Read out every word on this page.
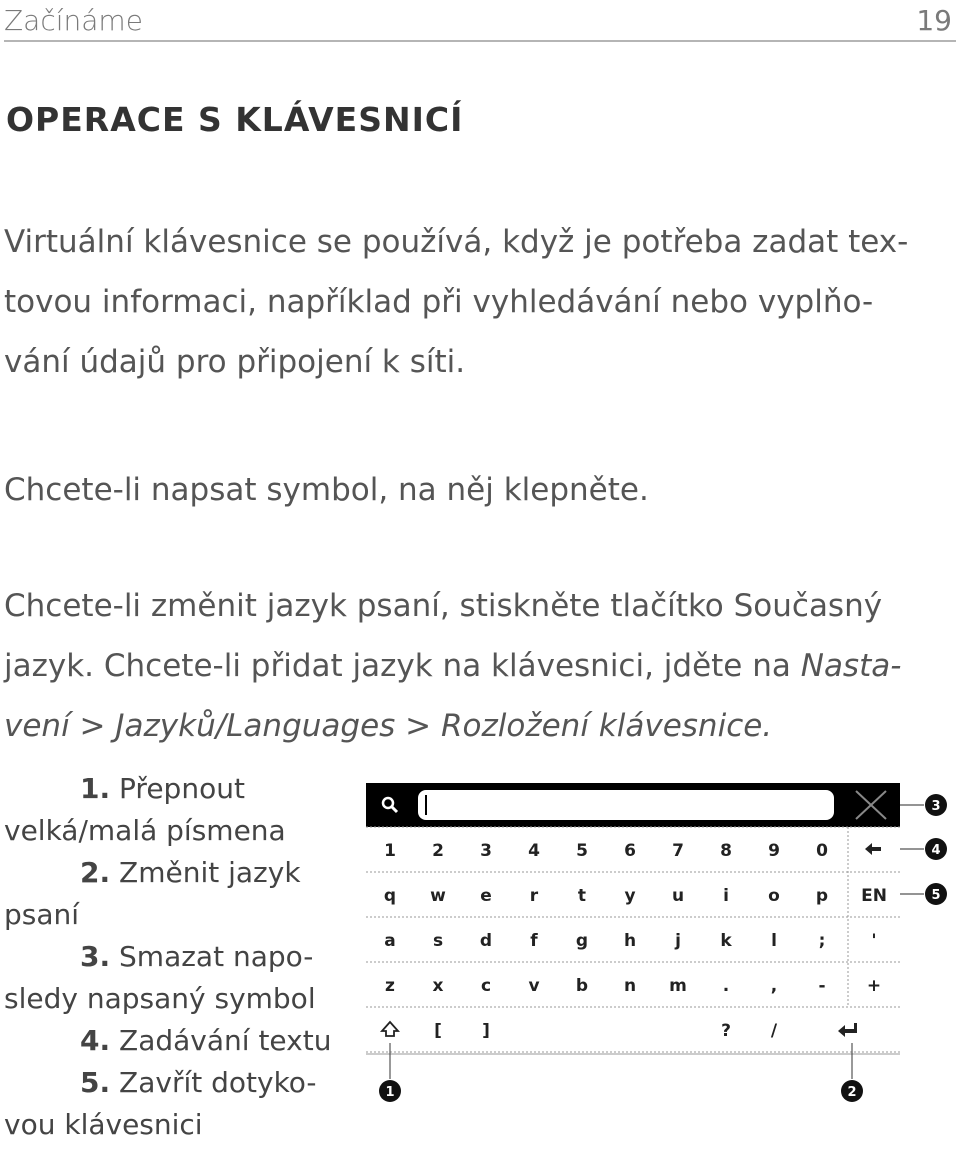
Začínáme	19
OPERACE S KLÁVESNICÍ
Virtuální klávesnice se používá, když je potřeba zadat tex-
tovou informaci, například při vyhledávání nebo vyplňo-
vání údajů pro připojení k síti.
Chcete-li napsat symbol, na něj klepněte.
Chcete-li změnit jazyk psaní, stiskněte tlačítko Současný
jazyk. Chcete-li přidat jazyk na klávesnici, jděte na Nasta-
vení > Jazyků/Languages > Rozložení klávesnice.
1. Přepnout
velká/malá písmena
2. Změnit jazyk
psaní
3. Smazat napo-
sledy napsaný symbol
4. Zadávání textu
5. Zavřít dotyko-
vou klávesnici
1 2 3 4 5 6 7 8 9 0
q w e r t y u i o p
a s d f g h j k l ;
z x c v b n m . , -
EN
'
+
[ ]	? /
1	2
3
4
5
